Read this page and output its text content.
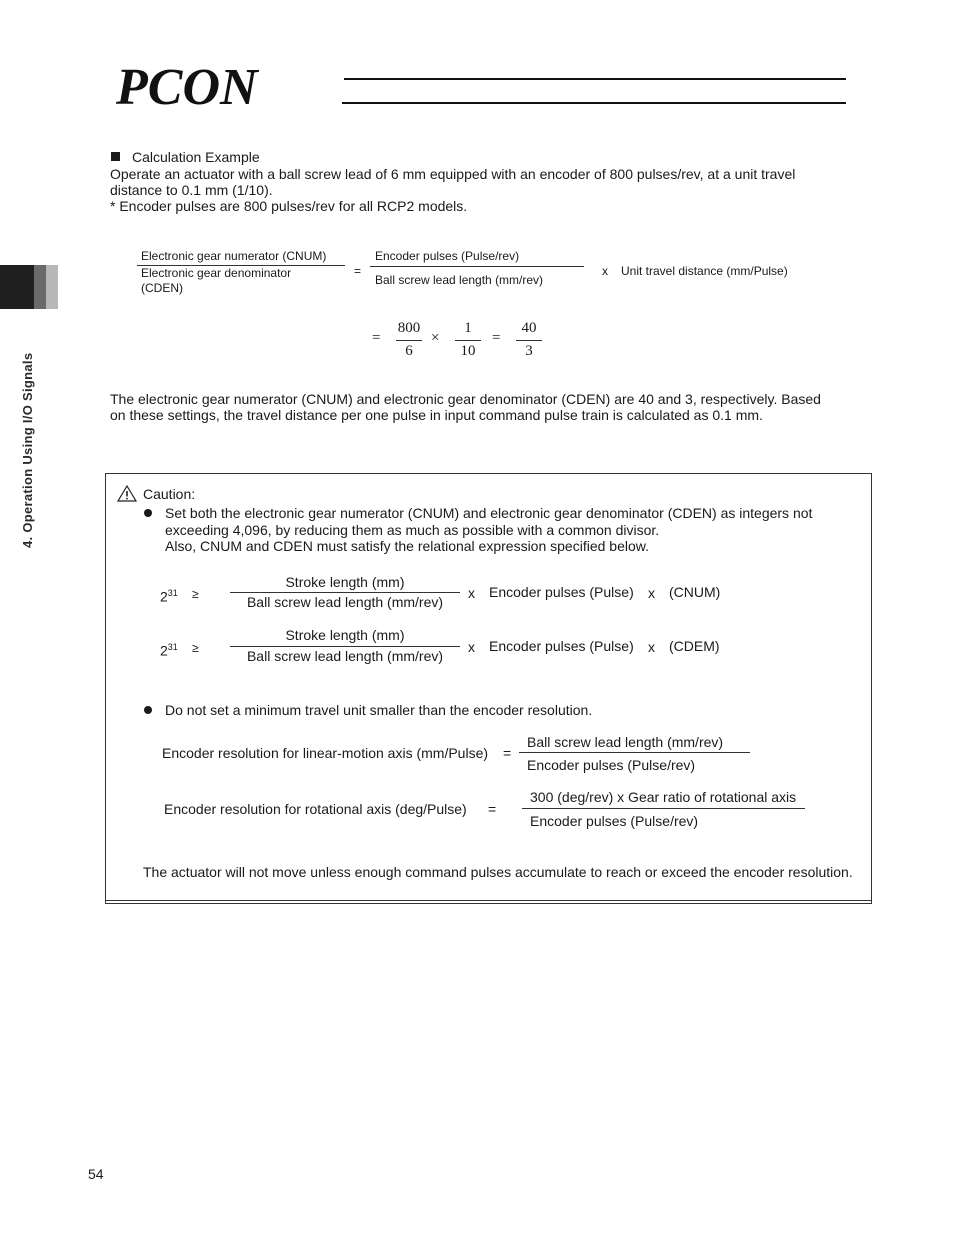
PCON
4. Operation Using I/O Signals
Calculation Example
Operate an actuator with a ball screw lead of 6 mm equipped with an encoder of 800 pulses/rev, at a unit travel
distance to 0.1 mm (1/10).
* Encoder pulses are 800 pulses/rev for all RCP2 models.
Electronic gear numerator (CNUM)
Electronic gear denominator
(CDEN)
=
Encoder pulses (Pulse/rev)
Ball screw lead length (mm/rev)
x Unit travel distance (mm/Pulse)
=
800
6
×
1
10
=
40
3
The electronic gear numerator (CNUM) and electronic gear denominator (CDEN) are 40 and 3, respectively. Based
on these settings, the travel distance per one pulse in input command pulse train is calculated as 0.1 mm.
Caution:
Set both the electronic gear numerator (CNUM) and electronic gear denominator (CDEN) as integers not
exceeding 4,096, by reducing them as much as possible with a common divisor.
Also, CNUM and CDEN must satisfy the relational expression specified below.
$2^{31}$ ≥
Stroke length (mm)
Ball screw lead length (mm/rev)
x Encoder pulses (Pulse) x (CNUM)
$2^{31}$ ≥
Stroke length (mm)
Ball screw lead length (mm/rev)
x Encoder pulses (Pulse) x (CDEM)
Do not set a minimum travel unit smaller than the encoder resolution.
Encoder resolution for linear-motion axis (mm/Pulse) =
Ball screw lead length (mm/rev)
Encoder pulses (Pulse/rev)
Encoder resolution for rotational axis (deg/Pulse) =
300 (deg/rev) x Gear ratio of rotational axis
Encoder pulses (Pulse/rev)
The actuator will not move unless enough command pulses accumulate to reach or exceed the encoder resolution.
54
